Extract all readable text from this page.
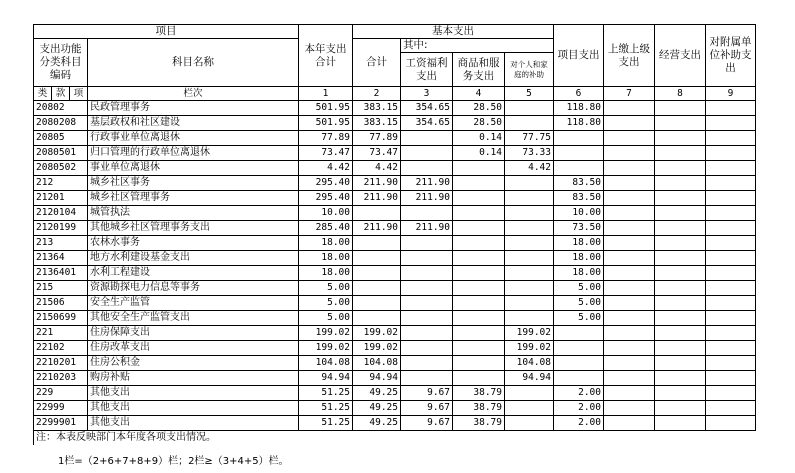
项目				本年支出合计	基本支出				项目支出	上缴上级支出	经营支出	对附属单位补助支出
支出功能分类科目编码			科目名称		合计	其中:						
						工资福利支出	商品和服务支出	对个人和家庭的补助				
类	款	项	栏次	1	2	3	4	5	6	7	8	9
20802			民政管理事务	501.95	383.15	354.65	28.50		118.80			
2080208			基层政权和社区建设	501.95	383.15	354.65	28.50		118.80			
20805			行政事业单位离退休	77.89	77.89		0.14	77.75				
2080501			归口管理的行政单位离退休	73.47	73.47		0.14	73.33				
2080502			事业单位离退休	4.42	4.42			4.42				
212			城乡社区事务	295.40	211.90	211.90			83.50			
21201			城乡社区管理事务	295.40	211.90	211.90			83.50			
2120104			城管执法	10.00					10.00			
2120199			其他城乡社区管理事务支出	285.40	211.90	211.90			73.50			
213			农林水事务	18.00					18.00			
21364			地方水利建设基金支出	18.00					18.00			
2136401			水利工程建设	18.00					18.00			
215			资源勘探电力信息等事务	5.00					5.00			
21506			安全生产监管	5.00					5.00			
2150699			其他安全生产监管支出	5.00					5.00			
221			住房保障支出	199.02	199.02			199.02				
22102			住房改革支出	199.02	199.02			199.02				
2210201			住房公积金	104.08	104.08			104.08				
2210203			购房补贴	94.94	94.94			94.94				
229			其他支出	51.25	49.25	9.67	38.79		2.00			
22999			其他支出	51.25	49.25	9.67	38.79		2.00			
2299901			其他支出	51.25	49.25	9.67	38.79		2.00			
注：本表反映部门本年度各项支出情况。												
1栏=（2+6+7+8+9）栏；2栏≥（3+4+5）栏。
